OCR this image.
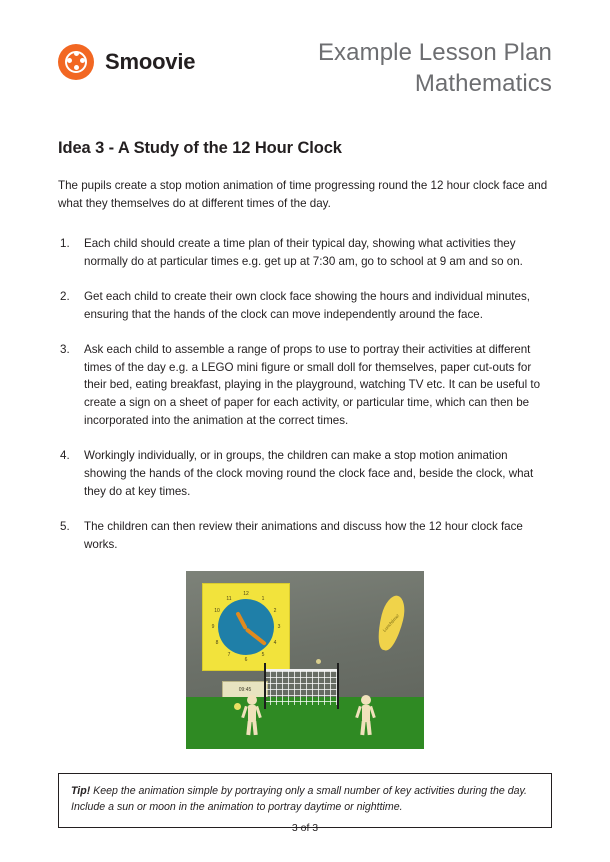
Smoovie	Example Lesson Plan
Mathematics
Idea 3 - A Study of the 12 Hour Clock

The pupils create a stop motion animation of time progressing round the 12 hour clock face and what they themselves do at different times of the day.

Each child should create a time plan of their typical day, showing what activities they normally do at particular times e.g. get up at 7:30 am, go to school at 9 am and so on.
Get each child to create their own clock face showing the hours and individual minutes, ensuring that the hands of the clock can move independently around the face.
Ask each child to assemble a range of props to use to portray their activities at different times of the day e.g. a LEGO mini figure or small doll for themselves, paper cut-outs for their bed, eating breakfast, playing in the playground, watching TV etc. It can be useful to create a sign on a sheet of paper for each activity, or particular time, which can then be incorporated into the animation at the correct times.
Workingly individually, or in groups, the children can make a stop motion animation showing the hands of the clock moving round the clock face and, beside the clock, what they do at key times.
The children can then review their animations and discuss how the 12 hour clock face works.
12
1
2
3
4
5
6
7
8
9
10
11
09:45
Lunchtime!
Tip! Keep the animation simple by portraying only a small number of key activities during the day. Include a sun or moon in the animation to portray daytime or nighttime.
3 of 3
